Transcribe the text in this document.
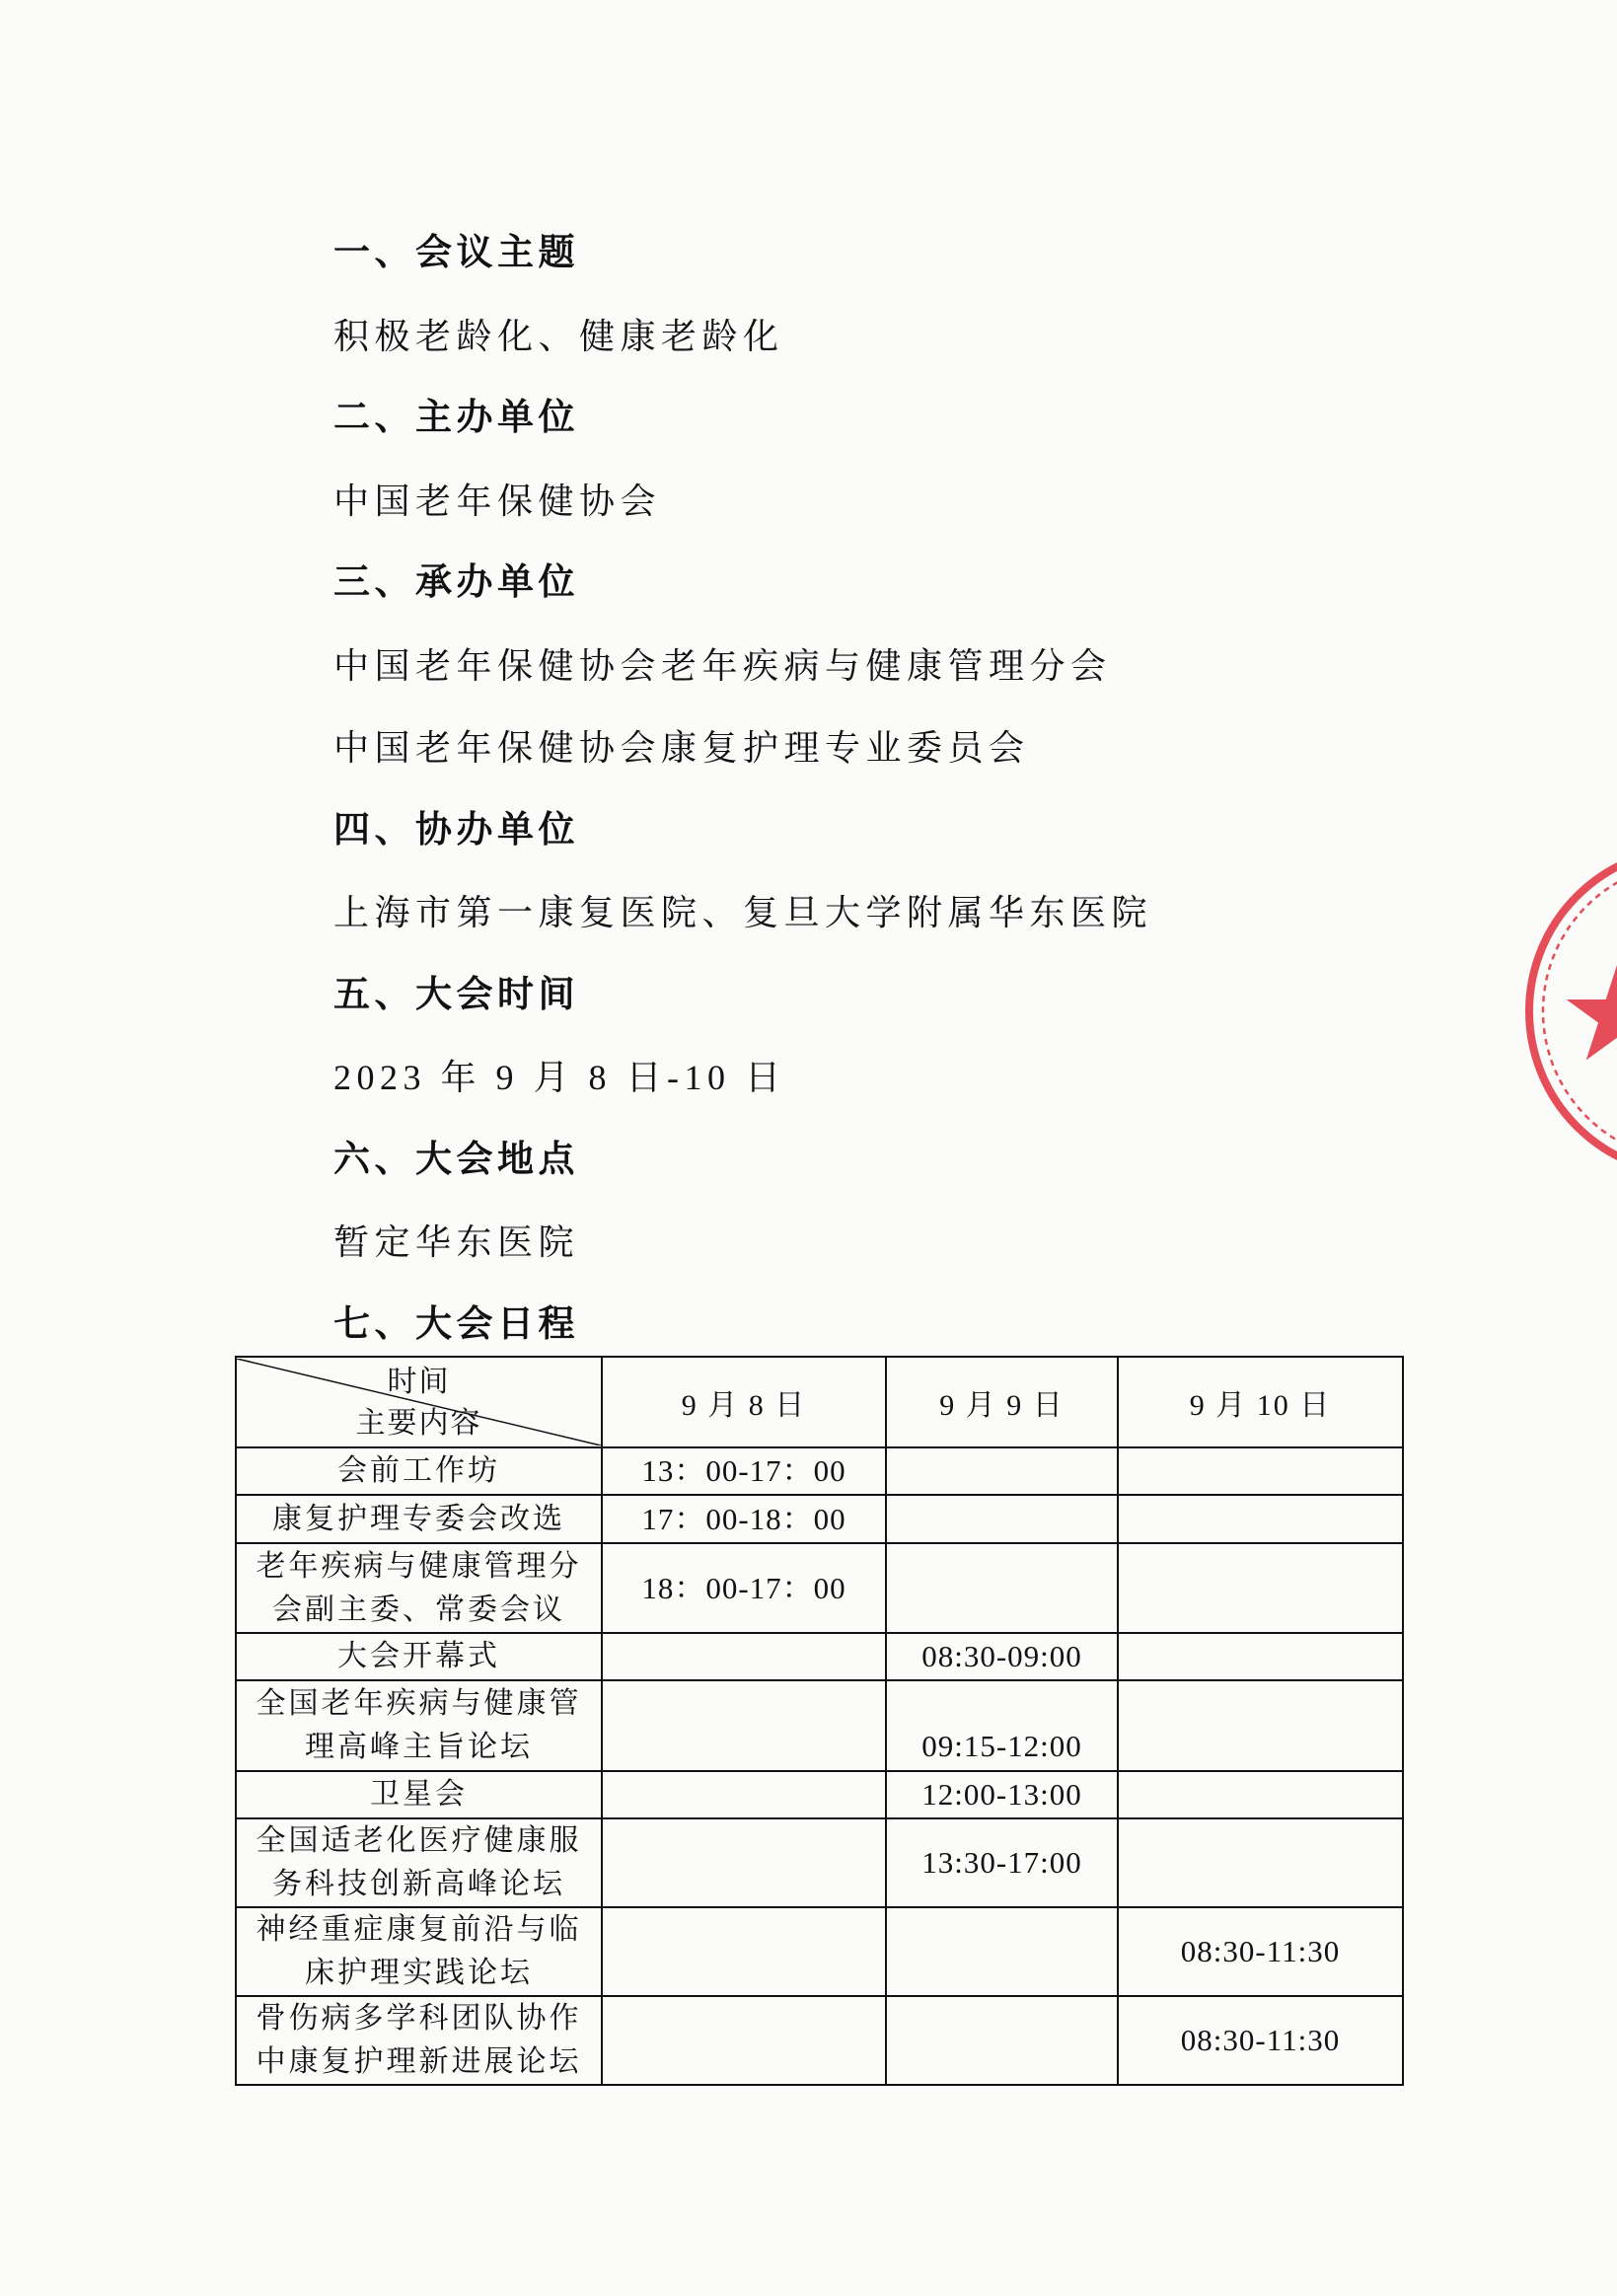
一、会议主题
积极老龄化、健康老龄化
二、主办单位
中国老年保健协会
三、承办单位
中国老年保健协会老年疾病与健康管理分会
中国老年保健协会康复护理专业委员会
四、协办单位
上海市第一康复医院、复旦大学附属华东医院
五、大会时间
2023 年 9 月 8 日-10 日
六、大会地点
暂定华东医院
七、大会日程
时间
主要内容	9 月 8 日	9 月 9 日	9 月 10 日

会前工作坊	13：00-17：00		

康复护理专委会改选	17：00-18：00		

老年疾病与健康管理分会副主委、常委会议	18：00-17：00		

大会开幕式		08:30-09:00	

全国老年疾病与健康管理高峰主旨论坛		09:15-12:00	

卫星会		12:00-13:00	

全国适老化医疗健康服务科技创新高峰论坛		13:30-17:00	

神经重症康复前沿与临床护理实践论坛			08:30-11:30

骨伤病多学科团队协作中康复护理新进展论坛			08:30-11:30
